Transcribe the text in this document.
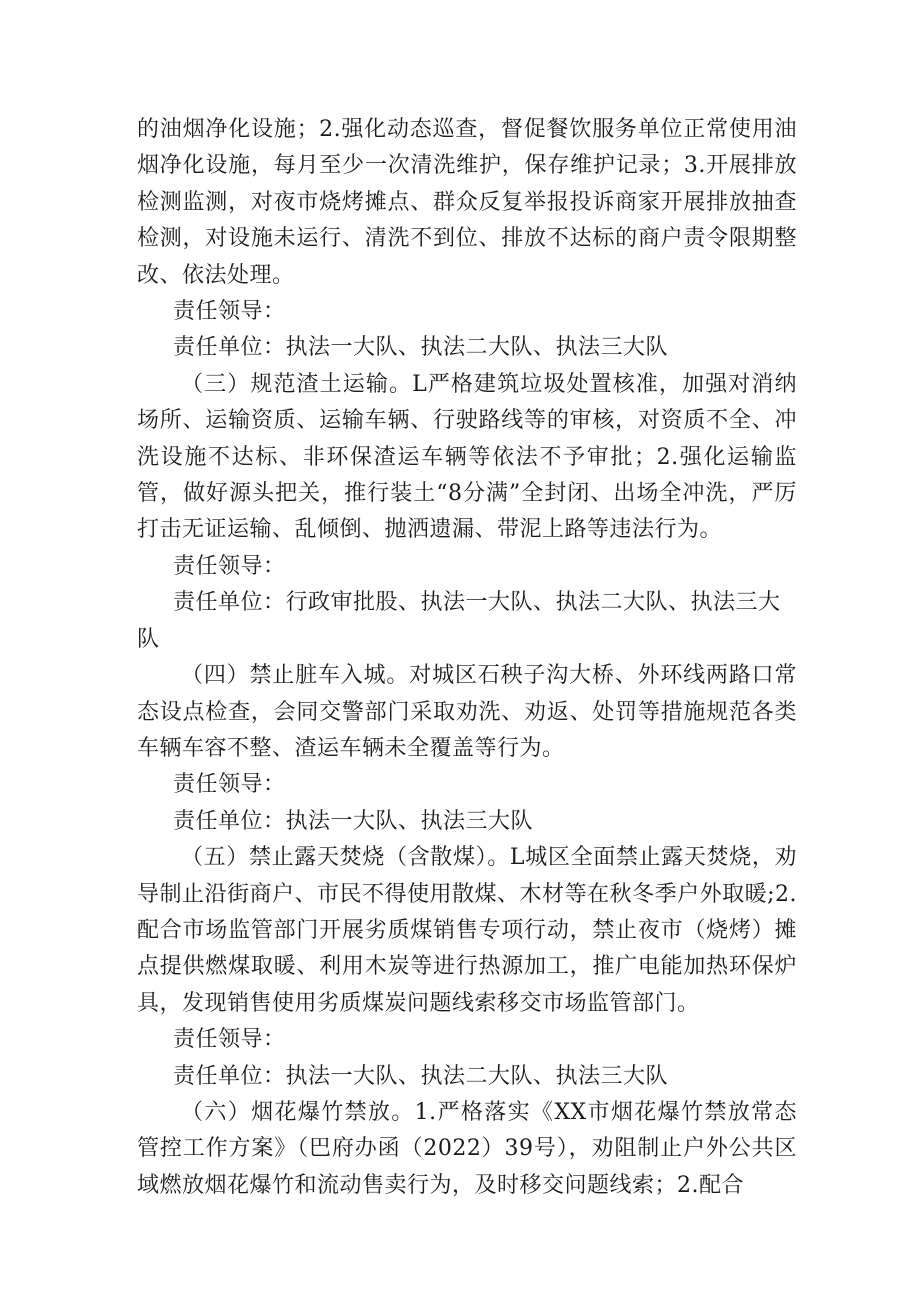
的油烟净化设施；2.强化动态巡查，督促餐饮服务单位正常使用油烟净化设施，每月至少一次清洗维护，保存维护记录；3.开展排放检测监测，对夜市烧烤摊点、群众反复举报投诉商家开展排放抽查检测，对设施未运行、清洗不到位、排放不达标的商户责令限期整改、依法处理。

责任领导：

责任单位：执法一大队、执法二大队、执法三大队

（三）规范渣土运输。L严格建筑垃圾处置核准，加强对消纳场所、运输资质、运输车辆、行驶路线等的审核，对资质不全、冲洗设施不达标、非环保渣运车辆等依法不予审批；2.强化运输监管，做好源头把关，推行装土“8分满”全封闭、出场全冲洗，严厉打击无证运输、乱倾倒、抛洒遗漏、带泥上路等违法行为。

责任领导：

责任单位：行政审批股、执法一大队、执法二大队、执法三大队

（四）禁止脏车入城。对城区石秧子沟大桥、外环线两路口常态设点检查，会同交警部门采取劝洗、劝返、处罚等措施规范各类车辆车容不整、渣运车辆未全覆盖等行为。

责任领导：

责任单位：执法一大队、执法三大队

（五）禁止露天焚烧（含散煤）。L城区全面禁止露天焚烧，劝导制止沿街商户、市民不得使用散煤、木材等在秋冬季户外取暖;2.配合市场监管部门开展劣质煤销售专项行动，禁止夜市（烧烤）摊点提供燃煤取暖、利用木炭等进行热源加工，推广电能加热环保炉具，发现销售使用劣质煤炭问题线索移交市场监管部门。

责任领导：

责任单位：执法一大队、执法二大队、执法三大队

（六）烟花爆竹禁放。1.严格落实《XX市烟花爆竹禁放常态管控工作方案》（巴府办函（2022）39号），劝阻制止户外公共区域燃放烟花爆竹和流动售卖行为，及时移交问题线索；2.配合
